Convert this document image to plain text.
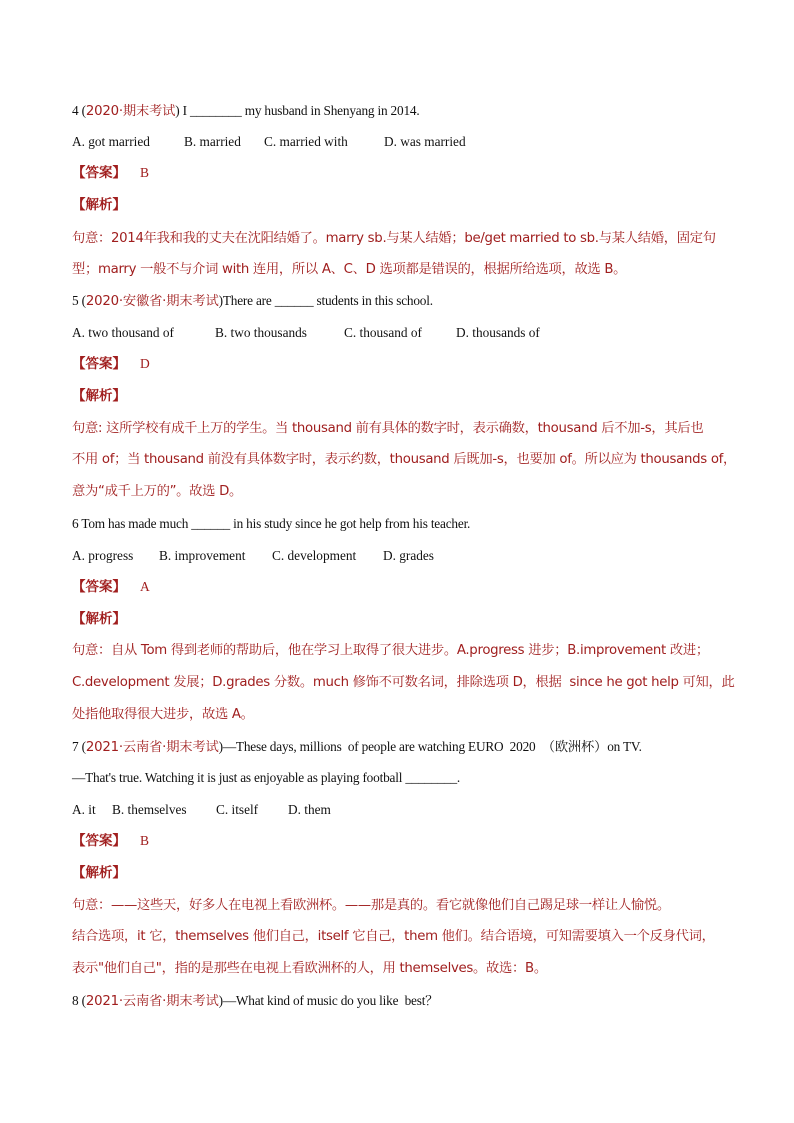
4 (2020·期末考试) I ________ my husband in Shenyang in 2014.
A. got married	B. married C. married with	D. was married
【答案】 B
【解析】
句意：2014年我和我的丈夫在沈阳结婚了。marry sb.与某人结婚；be/get married to sb.与某人结婚，固定句
型；marry 一般不与介词 with 连用，所以 A、C、D 选项都是错误的，根据所给选项，故选 B。
5 (2020·安徽省·期末考试)There are ______ students in this school.
A. two thousand of	B. two thousands	C. thousand of	D. thousands of
【答案】 D
【解析】
句意: 这所学校有成千上万的学生。当 thousand 前有具体的数字时，表示确数，thousand 后不加-s，其后也
不用 of；当 thousand 前没有具体数字时，表示约数，thousand 后既加-s，也要加 of。所以应为 thousands of，
意为“成千上万的”。故选 D。
6 Tom has made much ______ in his study since he got help from his teacher.
A. progress B. improvement C. development D. grades
【答案】 A
【解析】
句意：自从 Tom 得到老师的帮助后，他在学习上取得了很大进步。A.progress 进步；B.improvement 改进；
C.development 发展；D.grades 分数。much 修饰不可数名词，排除选项 D，根据  since he got help 可知，此
处指他取得很大进步，故选 A。
7 (2021·云南省·期末考试)—These days, millions  of people are watching EURO  2020  （欧洲杯）on TV.
—That's true. Watching it is just as enjoyable as playing football ________.
A. it B. themselves C. itself D. them
【答案】 B
【解析】
句意：——这些天，好多人在电视上看欧洲杯。——那是真的。看它就像他们自己踢足球一样让人愉悦。
结合选项，it 它，themselves 他们自己，itself 它自己，them 他们。结合语境，可知需要填入一个反身代词，
表示"他们自己"，指的是那些在电视上看欧洲杯的人，用 themselves。故选：B。
8 (2021·云南省·期末考试)—What kind of music do you like  best？
